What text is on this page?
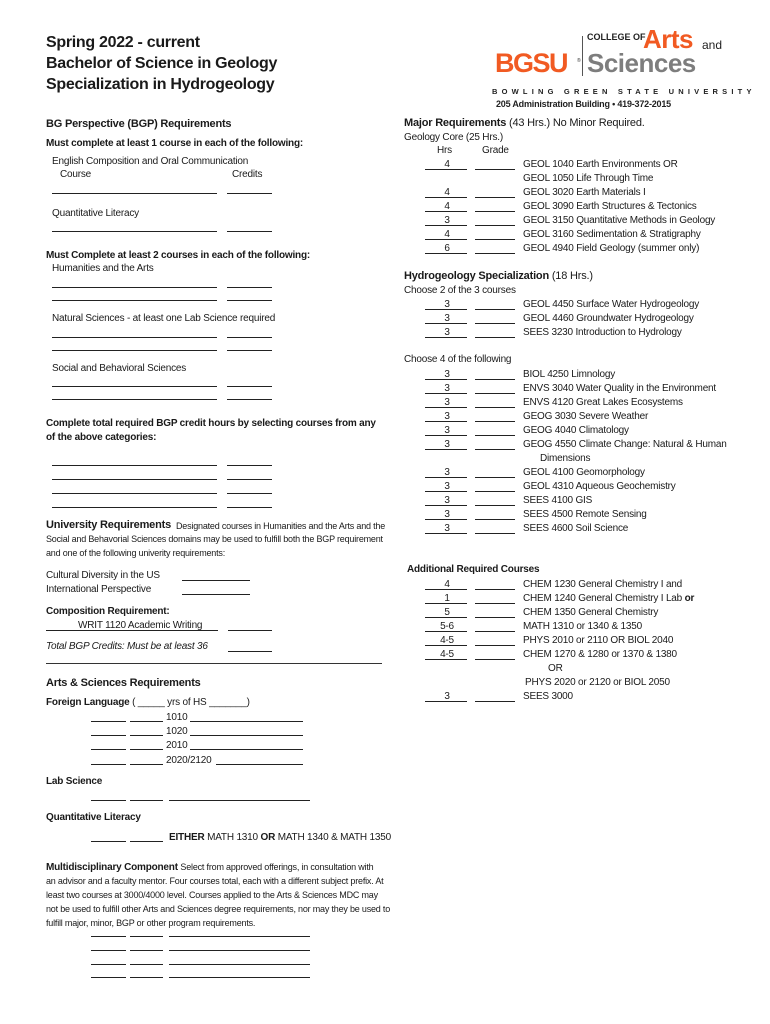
Spring 2022 - current
Bachelor of Science in Geology
Specialization in Hydrogeology
BGSU ®
COLLEGE OF
Arts and
Sciences
BOWLING GREEN STATE UNIVERSITY
205 Administration Building • 419-372-2015
BG Perspective (BGP) Requirements
Must complete at least 1 course in each of the following:
English Composition and Oral Communication
Course	Credits
Quantitative Literacy
Must Complete at least 2 courses in each of the following:
Humanities and the Arts
Natural Sciences - at least one Lab Science required
Social and Behavioral Sciences
Complete total required BGP credit hours by selecting courses from any
of the above categories:
University Requirements Designated courses in Humanities and the Arts and the
Social and Behavorial Sciences domains may be used to fulfill both the BGP requirement
and one of the following univerity requirements:
Cultural Diversity in the US
International Perspective
Composition Requirement:
WRIT 1120 Academic Writing
Total BGP Credits: Must be at least 36
Arts & Sciences Requirements
Foreign Language ( _____ yrs of HS _______)
1010
1020
2010
2020/2120
Lab Science
Quantitative Literacy
EITHER MATH 1310 OR MATH 1340 & MATH 1350
Multidisciplinary Component Select from approved offerings, in consultation with
an advisor and a faculty mentor. Four courses total, each with a different subject prefix. At
least two courses at 3000/4000 level. Courses applied to the Arts & Sciences MDC may
not be used to fulfill other Arts and Sciences degree requirements, nor may they be used to
fulfill major, minor, BGP or other program requirements.
Major Requirements (43 Hrs.) No Minor Required.
Geology Core (25 Hrs.)
Hrs	Grade
4	GEOL 1040 Earth Environments OR
GEOL 1050 Life Through Time
4	GEOL 3020 Earth Materials I
4	GEOL 3090 Earth Structures & Tectonics
3	GEOL 3150 Quantitative Methods in Geology
4	GEOL 3160 Sedimentation & Stratigraphy
6	GEOL 4940 Field Geology (summer only)
Hydrogeology Specialization (18 Hrs.)
Choose 2 of the 3 courses
3	GEOL 4450 Surface Water Hydrogeology
3	GEOL 4460 Groundwater Hydrogeology
3	SEES 3230 Introduction to Hydrology
Choose 4 of the following
3	BIOL 4250 Limnology
3	ENVS 3040 Water Quality in the Environment
3	ENVS 4120 Great Lakes Ecosystems
3	GEOG 3030 Severe Weather
3	GEOG 4040 Climatology
3	GEOG 4550 Climate Change: Natural & Human
Dimensions
3	GEOL 4100 Geomorphology
3	GEOL 4310 Aqueous Geochemistry
3	SEES 4100 GIS
3	SEES 4500 Remote Sensing
3	SEES 4600 Soil Science
Additional Required Courses
4	CHEM 1230 General Chemistry I and
1	CHEM 1240 General Chemistry I Lab or
5	CHEM 1350 General Chemistry
5-6	MATH 1310 or 1340 & 1350
4-5	PHYS 2010 or 2110 OR BIOL 2040
4-5	CHEM 1270 & 1280 or 1370 & 1380
OR
PHYS 2020 or 2120 or BIOL 2050
3	SEES 3000
